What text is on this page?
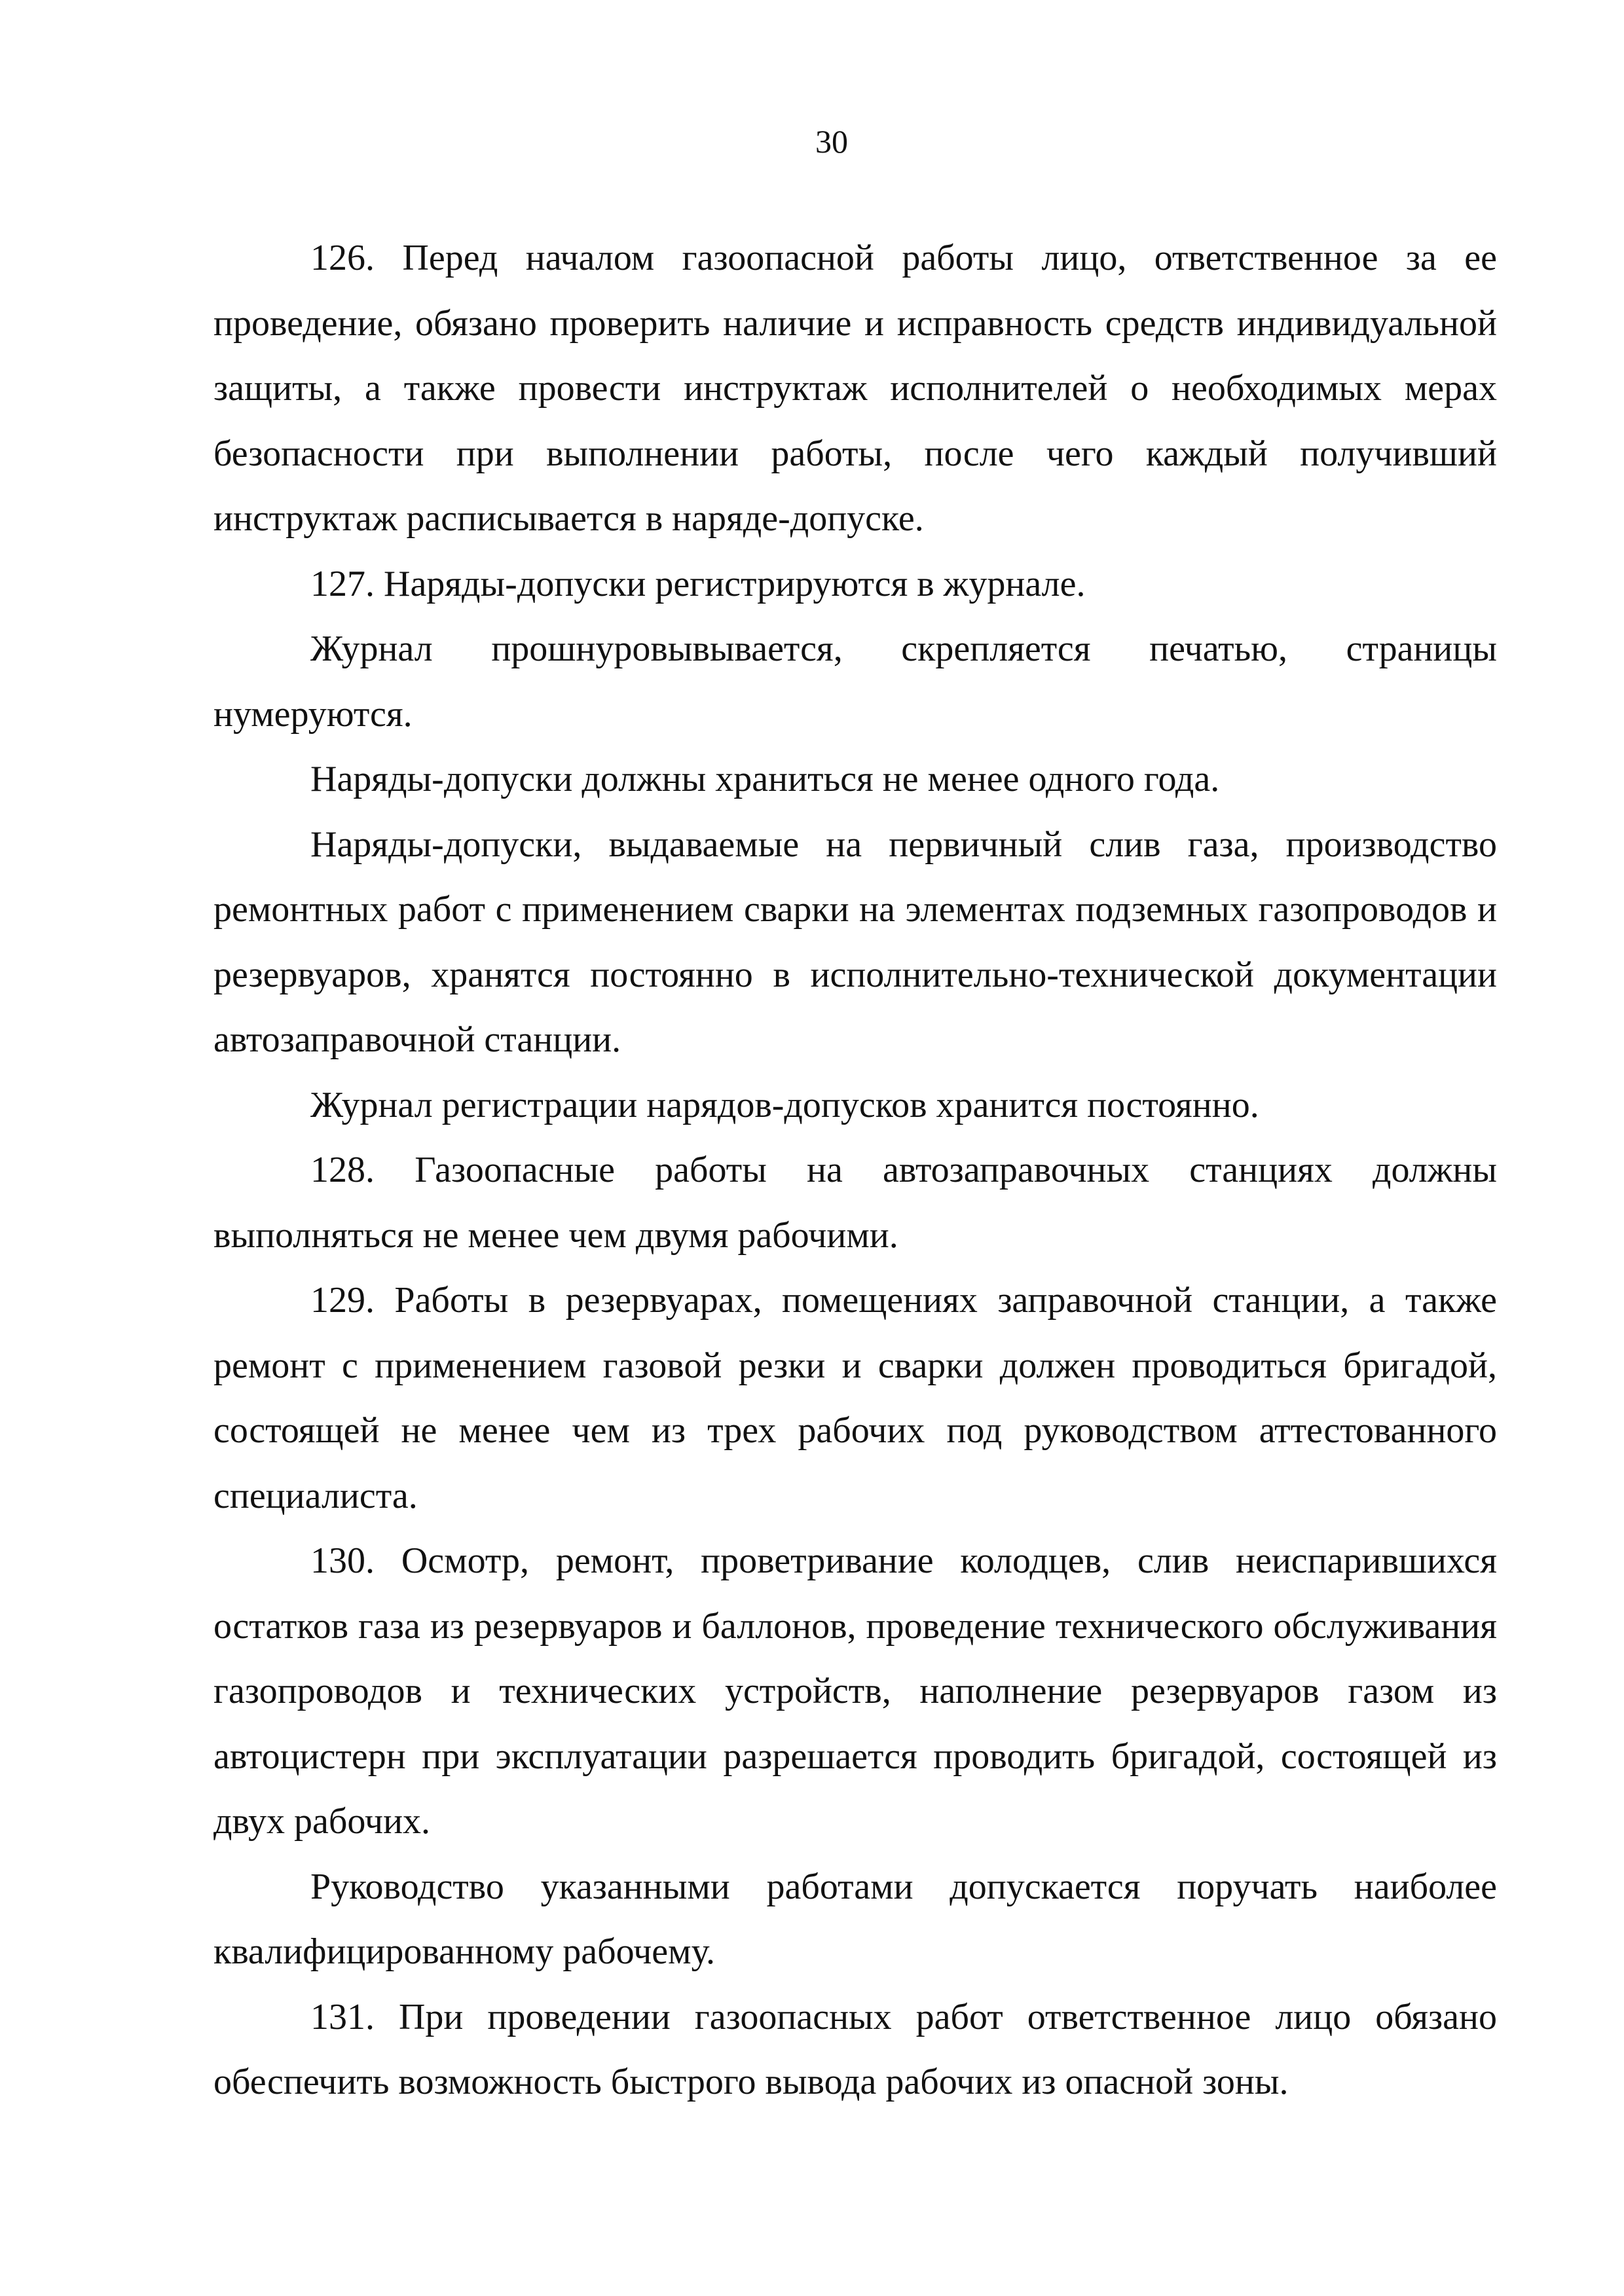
30

126. Перед началом газоопасной работы лицо, ответственное за ее проведение, обязано проверить наличие и исправность средств индивидуальной защиты, а также провести инструктаж исполнителей о необходимых мерах безопасности при выполнении работы, после чего каждый получивший инструктаж расписывается в наряде-допуске.

127. Наряды-допуски регистрируются в журнале.

Журнал прошнуровывывается, скрепляется печатью, страницы нумеруются.

Наряды-допуски должны храниться не менее одного года.

Наряды-допуски, выдаваемые на первичный слив газа, производство ремонтных работ с применением сварки на элементах подземных газопроводов и резервуаров, хранятся постоянно в исполнительно-технической документации автозаправочной станции.

Журнал регистрации нарядов-допусков хранится постоянно.

128. Газоопасные работы на автозаправочных станциях должны выполняться не менее чем двумя рабочими.

129. Работы в резервуарах, помещениях заправочной станции, а также ремонт с применением газовой резки и сварки должен проводиться бригадой, состоящей не менее чем из трех рабочих под руководством аттестованного специалиста.

130. Осмотр, ремонт, проветривание колодцев, слив неиспарившихся остатков газа из резервуаров и баллонов, проведение технического обслуживания газопроводов и технических устройств, наполнение резервуаров газом из автоцистерн при эксплуатации разрешается проводить бригадой, состоящей из двух рабочих.

Руководство указанными работами допускается поручать наиболее квалифицированному рабочему.

131. При проведении газоопасных работ ответственное лицо обязано обеспечить возможность быстрого вывода рабочих из опасной зоны.
